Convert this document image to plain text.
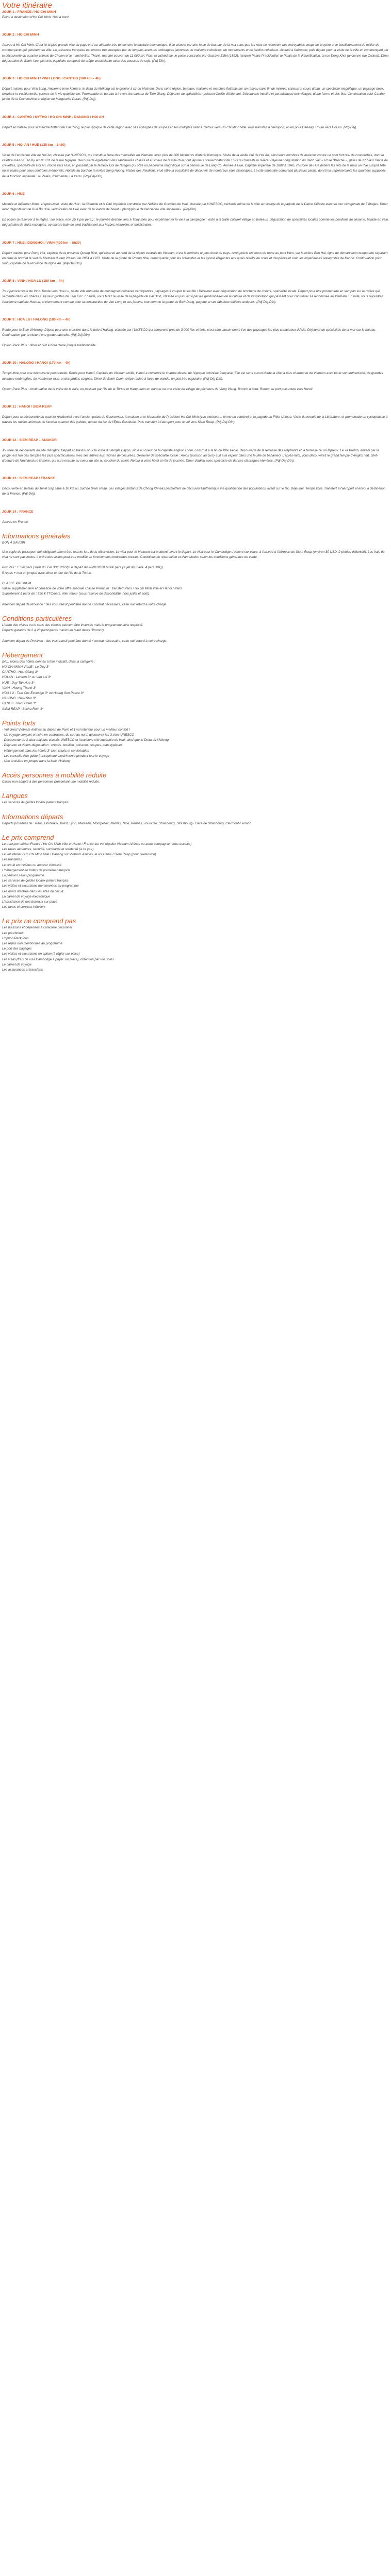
Votre itinéraire
JOUR 1 : FRANCE / HO CHI MINH

Envol à destination d'Ho Chi Minh. Nuit à bord.

JOUR 2 : HO CHI MINH

Arrivée à Ho Chi Minh. C'est ici la plus grande ville du pays et c'est affirmée très tôt comme la capitale économique. Il se cisoule par une foule de bus sur de la nuit sans que les rues ne réservent des incroyables coups de bruyère et le bouillonnement de millier de commerçants qui génèrent sa ville. La présence française est encore très marquée par de longues avenues ombragées jalonnées de maisons coloniales, de monuments et de jardins coloniaux. Accueil à l'aéroport, puis départ pour la visite de la ville en commençant par la découverte du quartier chinois de Cholon et le marché Ben Thanh, marché couvert de 11 000 m². Puis, la cathédrale, le poste construite par Gustave Eiffel (1892), l'ancien Palais Présidentiel, le Palais de la Réunification, la rue Dong Khoi (ancienne rue Catinat). Dîner dégustation de Banh Xeo, plat très populaire composé de crêpe croustillante avec des pousses de soja. (Pdj-Dîn).

JOUR 3 : HO CHI MINH / VINH LONG / CANTHO (180 km – 4h)

Départ matinal pour Vinh Long. Ancienne terre khmère, le delta du Mékong est le grenier à riz du Vietnam. Dans cette région, bateaux, maisons et marchés flottants sur un réseau sans fin de rivières, canaux et cours d'eau, un spectacle magnifique, un paysage doux, luxuriant et traditionnelle, scènes de la vie quotidienne. Promenade en bateau à travers les canaux de Tien Giang. Déjeuner de spécialités : poisson Oreille d'éléphant. Découverte insolite et paradisiaque des villages, d'une ferme et des îles. Continuation pour Cantho, jardin de la Cochinchine et région de Margeurite Duras. (Pdj-Déj).

JOUR 4 : CANTHO / MYTHO / HO CHI MINH / DANANG / HOI AN

Départ en bateau pour le marché flottant de Cai Rang, le plus typique de cette région avec ses échoppes de soupes et ses multiples radios. Retour vers Ho Chi Minh Ville. Puis transfert à l'aéroport, envol pour Danang. Route vers Hoi An. (Pdj-Déj).

JOUR 5 : HOI AN / HUE (135 km – 3h30)

Visite de l'ancienne ville de Hoi An, classée par l'UNESCO, qui constitue l'une des merveilles du Vietnam, avec plus de 800 bâtiments d'intérêt historique. Visite de la vieille cité de Hoi An, ainsi leurs nombres de maisons contre un pont fort réel de coucourbes, dont la célèbre maison Tan Ky au N° 101 de la rue Nguyen. Découverte également des sanctuaires chinois et au coeur de la ville d'un pont japonais couvert datant de 1593 qui travaille la rivière. Déjeuner dégustation du Banh Vac « Rose Blanche », gâtes de riz blanc farcie de crevettes, spécialité de Hoi An. Route vers Hué, en passant par le fameux Col de Nuages qui offre un panorama magnifique sur la péninsule de Lang Co. Arrivée à Hué, Capitale impériale de 1802 à 1945, l'histoire de Hué détient les rêts de la mais un rôle jusqu'à l'été où le palais pour ceux contrôles mémoriels. Hôtellé au bord de la rivière Song Huong. Visites des Pavillons, Huê offre la possibilité de découvrir de nombreux sites historiques. La cité Impériale comprend plusieurs palais, dont trois représentants les quartiers supposés de la fonction impériale : le Palais, l'Humanité, La Vertu. (Pdj-Déj-Dîn).

JOUR 6 : HUE

Matinée et déjeuner libres. L'après-midi, visite de Hué : la Citadelle et la Cité Impériale construite par l'édifice de Gravilles de Hué, classée par l'UNESCO, véritable dôme de la ville au vestige de la pagode de la Dame Céleste avec sa tour octogonale de 7 étages. Dîner avec dégustation de Bun Bo Hué, vermicelles de Hué avec de la viande de boeuf « plat typique de l'ancienne ville impériale». (Pdj-Dîn).

En option (à réserver à la règle) : sur place, env. 25 € par pers.) : le journée destiné vers à Thuy Bieu pour expérimenter la vie à la campagne : visite à la Salle culturel village en bateaux, dégustation de spécialités locales comme les bouillons au sésame, balade en vélo, dégustation de fruits exotiques, ou encore bain de pied traditionnel aux herbes naturelles et médicinales.

JOUR 7 : HUE / DONGHOI / VINH (400 km – 8h30)

Départ matinal pour Dong Hoi, capitale de la province Quang Binh, qui réservé au nord de la région centrale du Vietnam, c'est la territoire le plus étroit du pays. Arrêt précis en cours de route au pont Hien, sur la rivière Ben Hai, ligne de démarcation temporaire séparant en deux le nord et le sud du Vietnam durant 20 ans, de 1954 à 1973. Visite de la grotte de Phong Nha, remarquable pour les stalactites et les ignoré élégantes aux quais résulte de scies et d'espèces et clair, les impérieuses stalagmites de Kanno. Continuation pour Vinh, capitale de la Province de Nghe An. (Pdj-Déj-Dîn).

JOUR 8 : VINH / HOA LU (180 km – 4h)

Tour panoramique de Vinh. Route vers Hoa Lu, petite ville entourée de montagnes calcaires verdoyantes, paysages à couper le souffle ! Déjeuner avec dégustation de brochette de chèvre, spécialité locale. Départ pour une promenade en sampan sur la rivière qui serpente dans les rizières jusqu'aux grottes de Tam Coc. Ensuite, vous ferez la visite de la pagode de Bai Dinh, classée en juin 2014 par les gestionnaires de la culture et de l'exploration qui passent pour contribuer sa renommée au Vietnam. Ensuite, vous rejoindrez l'ancienne capitale Hoa Lu, anciennement connue pour la construction de Van Long et ses jardins, tout comme la grotte de Bich Dong, pagode et ses fabuleux édifices antiques. (Pdj-Déj-Dîn).

JOUR 9 : HOA LU / HALONG (180 km – 4h)

Route pour la Baie d'Halong. Départ pour une croisière dans la baie d'Halong, classée par l'UNESCO qui comprend près de 3 000 îles et îlots, c'est sans aucun doute l'un des paysages les plus somptueux d'Asie. Déjeuner de spécialités de la mer sur le bateau. Continuation par la visite d'une grotte naturelle. (Pdj-Déj-Dîn).

Option Pack Plus : dîner et nuit à bord d'une jonque traditionnelle.

JOUR 10 : HALONG / HANOI (170 km – 4h)

Temps libre pour une découverte personnelle. Route pour Hanoï. Capitale du Vietnam unifié, Hanoï a conservé le charme désuet de l'époque coloniale française. Elle est sans aucun doute la ville la plus charmante du Vietnam avec toute son authenticité, de grandes avenues ombragées, de nombreux lacs, et des jardins soignés. Dîner de Banh Cuon, crêpe roulée à farce de viande, un plat très populaire. (Pdj-Déj-Dîn).

Option Pack Plus : continuation de la visite de la baie, en passant par l'île de la Tortue et Hang Luon en barque ou une visite du village de pêcheurs de Vung Vieng. Brunch à bord. Retour au port puis route vers Hanoï.

JOUR 11 : HANOI / SIEM REAP

Départ pour la découverte du quartier résidentiel avec l'ancien palais du Gouverneur, la maison et le Mausolée du Président Ho Chi Minh (vue extérieure, fermé en octobre) et la pagode au Pilier Unique. Visite du temple de la Littérature, et promenade en cyclopousse à travers les ruelles animées de l'ancien quartier des guildes, autour du lac de l'Épée Restituée. Puis transfert à l'aéroport pour le vol vers Siem Reap. (Pdj-Déj-Dîn).

JOUR 12 : SIEM REAP – ANGKOR

Journée de découverte du site d'Angkor. Départ en tuk-tuk pour la visite du temple Bayon, situé au coeur de la capitale Angkor Thom, construit à la fin du XIIe siècle. Découverte de la terrasse des éléphants et la terrasse du roi lépreux. Le Ta Prohm, envahi par la jungle, est l'un des temples les plus spectaculaires avec ses arbres aux racines démesurées. Déjeuner de spécialité locale : Amok (poisson au curry cuit à la vapeur dans une feuille de bananier). L'après-midi, vous découvrirez le grand temple d'Angkor Vat, chef-d'oeuvre de l'architecture khmère, qui aura ensuite au coeur du site au coucher du soleil. Retour à votre hôtel en fin de journée. Dîner d'adieu avec spectacle de danses classiques khmères. (Pdj-Déj-Dîn).

JOUR 13 : SIEM REAP / FRANCE

Découverte en bateau du Tonlé Sap situé à 10 km au Sud de Siem Reap. Les villages flottants de Chong Khneas permettent de découvrir l'authentique vie quotidienne des populations vivant sur le lac. Déjeuner. Temps libre. Transfert à l'aéroport et envol à destination de la France. (Pdj-Déj).

JOUR 14 : FRANCE

Arrivée en France

Informations générales

BON À SAVOIR

Une copie du passeport doit obligatoirement être fournie lors de la réservation. Le visa pour le Vietnam est à obtenir avant le départ. Le visa pour le Cambodge s'obtient sur place, à l'arrivée à l'aéroport de Siem Reap (environ 30 USD, 2 photos d'identité). Les frais de visa ne sont pas inclus. L'ordre des visites peut être modifié en fonction des contraintes locales. Conditions de réservation et d'annulation selon les conditions générales de vente.

Prix Pax : 1 590 pers (sujet du 2 er 30/6 2022) Le départ du 26/01/2020 (460€ pers (sujet du 3 ave. 4 pers 30€))
5 repas + nuit en jonque avec dîner et tour de l'ile de la Tortue

CLASSE PREMIUM
Valise supplémentaire et bénéficie de votre offre spéciale Classe Premium : transfert Paris / Ho chi Minh Ville et Hanoi / Paris
Supplément à partir de : 590 € TTC/pers. Aller retour (sous réserve de disponibilité, hors juillet et août).

Attention départ de Province : des vols transit peut être donné / contrat nécessaire, cette nuit retard à votre charge.
Conditions particulières
L'ordre des visites ou le sens des circuits peuvent être inversés mais le programme sera respecté.
Départs garantis de 2 à 28 participants maximum (sauf dates "Promo")

Attention départ de Province : des vols transit peut être donné / contrat nécessaire, cette nuit retard à votre charge.
Hébergement
(NL), Noms des hôtels donnés à titre indicatif, dans la catégorie :
HO CHI MINH VILLE : Le Duy 3*
CANTHO : Hau Giang 3*
HOI AN : Lantern 3* ou Van Loi 3*
HUE : Duy Tan Hue 3*
VINH : Huong Thanh 3*
HOA LU : Tam Coc Ecolodge 3* ou Hoang Son Peace 3*
HALONG : New Star 3*
HANOI : Tirant Hotel 3*
SIEM REAP : Sokha Roth 3*
Points forts
- Vol direct Vietnam Airlines au départ de Paris et 1 vol intérieur pour un meilleur confort !
- Un voyage complet et riche en contrastes, du sud au nord, découvrez les 3 sites UNESCO
- Découverte de 3 sites majeurs classés UNESCO et l'ancienne cité impériale de Hué, ainsi que le Delta du Mékong
- Déjeuner et dîners dégustation : crêpes, bouillon, poissons, soupes, plats typiques
- Hébergement dans les hôtels 3* bien situés et confortables
- Les conseils d'un guide francophone expérimenté pendant tout le voyage
- Une croisière en jonque dans la baie d'Halong
Accès personnes à mobilité réduite

Circuit non adapté à des personnes présentant une mobilité réduite.

Langues

Les services de guides locaux parlant français

Informations départs

Départs possibles de : Paris, Bordeaux, Brest, Lyon, Marseille, Montpellier, Nantes, Nice, Rennes, Toulouse, Strasbourg, Strasbourg · Gare de Strasbourg, Clermont-Ferrand

Le prix comprend
Le transport aérien France / Ho Chi Minh Ville et Hanoi / France sur vol régulier Vietnam Airlines ou autre compagnie (sous escales)
Les taxes aériennes, sécurité, surcharge et solidarité (à ce jour)
Le vol intérieur Ho Chi Minh Ville / Danang sur Vietnam Airlines, le vol Hanoi / Siem Reap (pour l'extension)
Les transferts
Le circuit en minibus ou autocar climatisé
L'hébergement en hôtels de première catégorie
La pension selon programme
Les services de guides locaux parlant français
Les visites et excursions mentionnées au programme
Les droits d'entrée dans les sites du circuit
La carnet de voyage électronique
L'assistance de nos bureaux sur place
Les taxes et services hôteliers
Le prix ne comprend pas
Les boissons et dépenses à caractère personnel
Les pourboires
L'option Pack Plus
Les repas non mentionnés au programme
Le port des bagages
Les visites et excursions en option (à régler sur place)
Les visas (frais de visa Cambodge à payer sur place), obtention par vos soins
Le carnet de voyage
Les assurances et transferts
